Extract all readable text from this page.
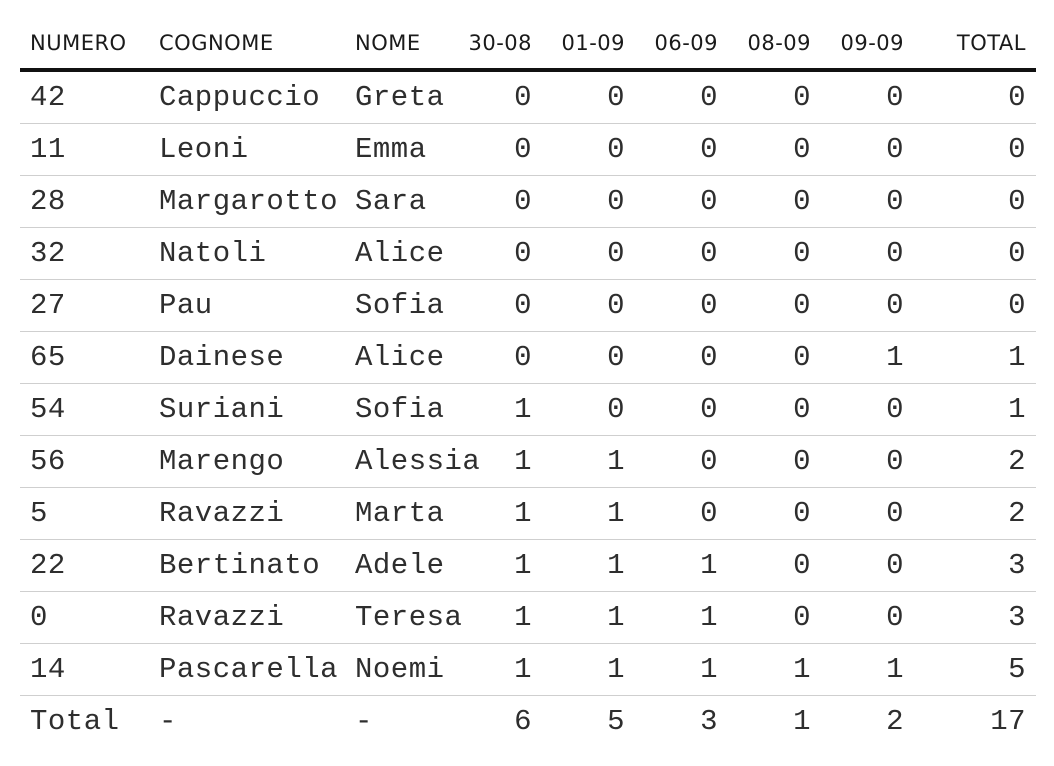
NUMERO	COGNOME	NOME	30-08	01-09	06-09	08-09	09-09	TOTAL
42	Cappuccio	Greta	0	0	0	0	0	0
11	Leoni	Emma	0	0	0	0	0	0
28	Margarotto	Sara	0	0	0	0	0	0
32	Natoli	Alice	0	0	0	0	0	0
27	Pau	Sofia	0	0	0	0	0	0
65	Dainese	Alice	0	0	0	0	1	1
54	Suriani	Sofia	1	0	0	0	0	1
56	Marengo	Alessia	1	1	0	0	0	2
5	Ravazzi	Marta	1	1	0	0	0	2
22	Bertinato	Adele	1	1	1	0	0	3
0	Ravazzi	Teresa	1	1	1	0	0	3
14	Pascarella	Noemi	1	1	1	1	1	5
Total	-	-	6	5	3	1	2	17
